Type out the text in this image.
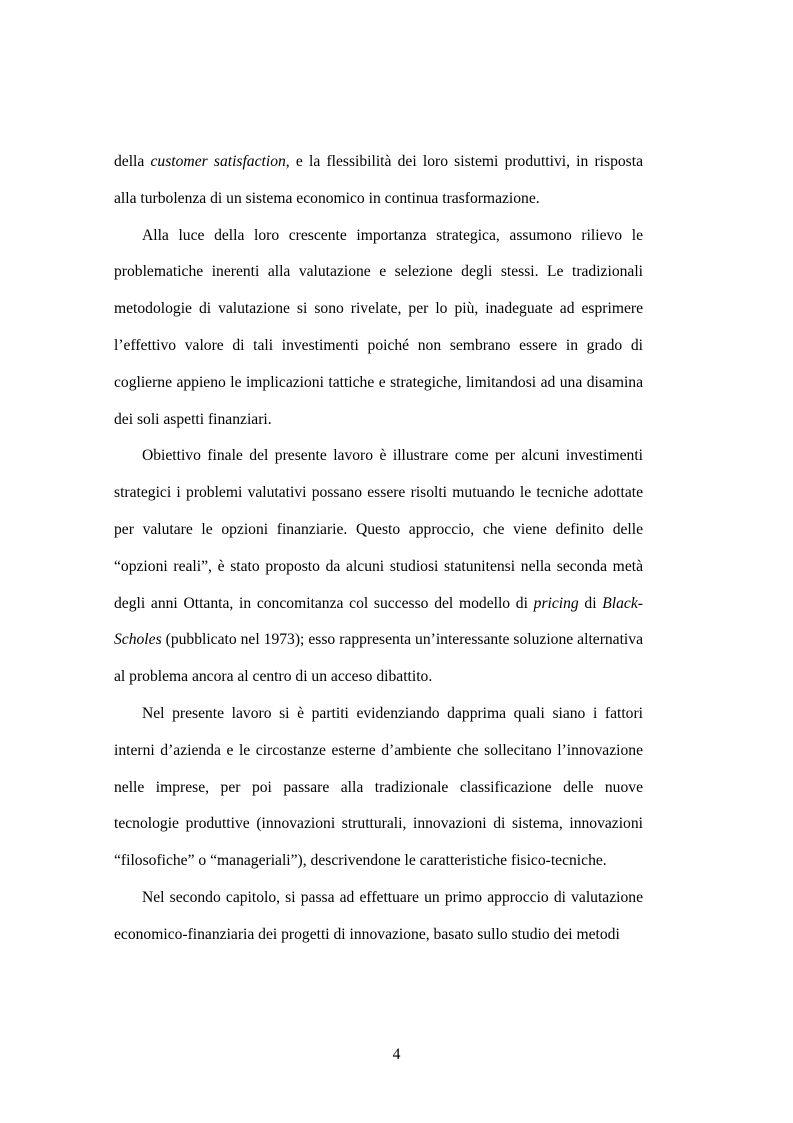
della customer satisfaction, e la flessibilità dei loro sistemi produttivi, in risposta alla turbolenza di un sistema economico in continua trasformazione.

Alla luce della loro crescente importanza strategica, assumono rilievo le problematiche inerenti alla valutazione e selezione degli stessi. Le tradizionali metodologie di valutazione si sono rivelate, per lo più, inadeguate ad esprimere l’effettivo valore di tali investimenti poiché non sembrano essere in grado di coglierne appieno le implicazioni tattiche e strategiche, limitandosi ad una disamina dei soli aspetti finanziari.

Obiettivo finale del presente lavoro è illustrare come per alcuni investimenti strategici i problemi valutativi possano essere risolti mutuando le tecniche adottate per valutare le opzioni finanziarie. Questo approccio, che viene definito delle “opzioni reali”, è stato proposto da alcuni studiosi statunitensi nella seconda metà degli anni Ottanta, in concomitanza col successo del modello di pricing di Black-Scholes (pubblicato nel 1973); esso rappresenta un’interessante soluzione alternativa al problema ancora al centro di un acceso dibattito.

Nel presente lavoro si è partiti evidenziando dapprima quali siano i fattori interni d’azienda e le circostanze esterne d’ambiente che sollecitano l’innovazione nelle imprese, per poi passare alla tradizionale classificazione delle nuove tecnologie produttive (innovazioni strutturali, innovazioni di sistema, innovazioni “filosofiche” o “manageriali”), descrivendone le caratteristiche fisico-tecniche.

Nel secondo capitolo, si passa ad effettuare un primo approccio di valutazione economico-finanziaria dei progetti di innovazione, basato sullo studio dei metodi

4
